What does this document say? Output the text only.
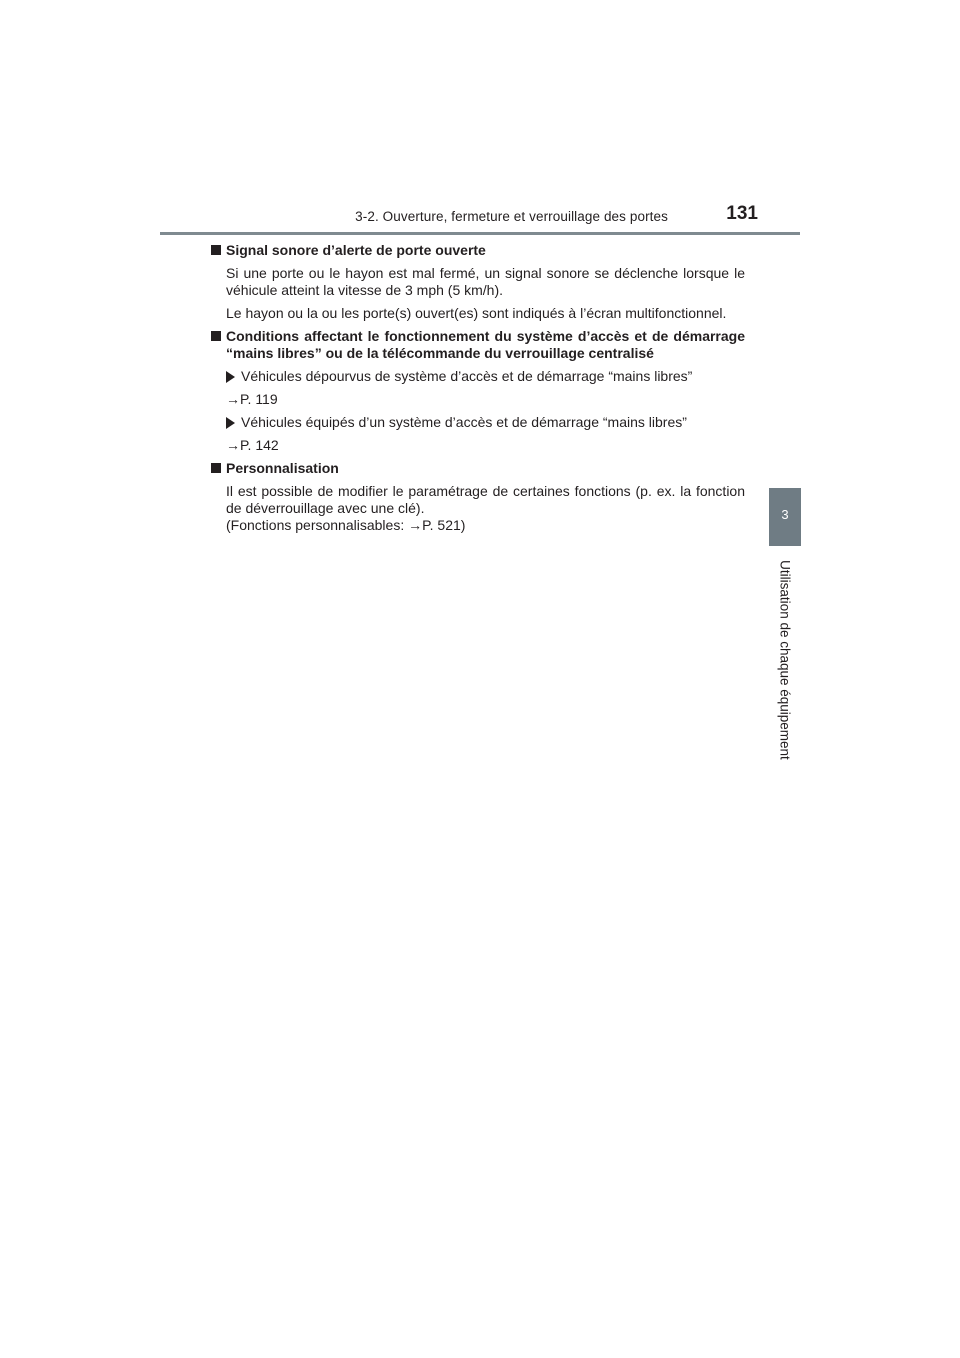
3-2. Ouverture, fermeture et verrouillage des portes	131
3
Utilisation de chaque équipement
Signal sonore d’alerte de porte ouverte
Si une porte ou le hayon est mal fermé, un signal sonore se déclenche lorsque le véhicule atteint la vitesse de 3 mph (5 km/h).
Le hayon ou la ou les porte(s) ouvert(es) sont indiqués à l’écran multifonctionnel.
Conditions affectant le fonctionnement du système d’accès et de démarrage “mains libres” ou de la télécommande du verrouillage centralisé
Véhicules dépourvus de système d’accès et de démarrage “mains libres”
→P. 119
Véhicules équipés d’un système d’accès et de démarrage “mains libres”
→P. 142
Personnalisation
Il est possible de modifier le paramétrage de certaines fonctions (p. ex. la fonction de déverrouillage avec une clé).
(Fonctions personnalisables: →P. 521)
